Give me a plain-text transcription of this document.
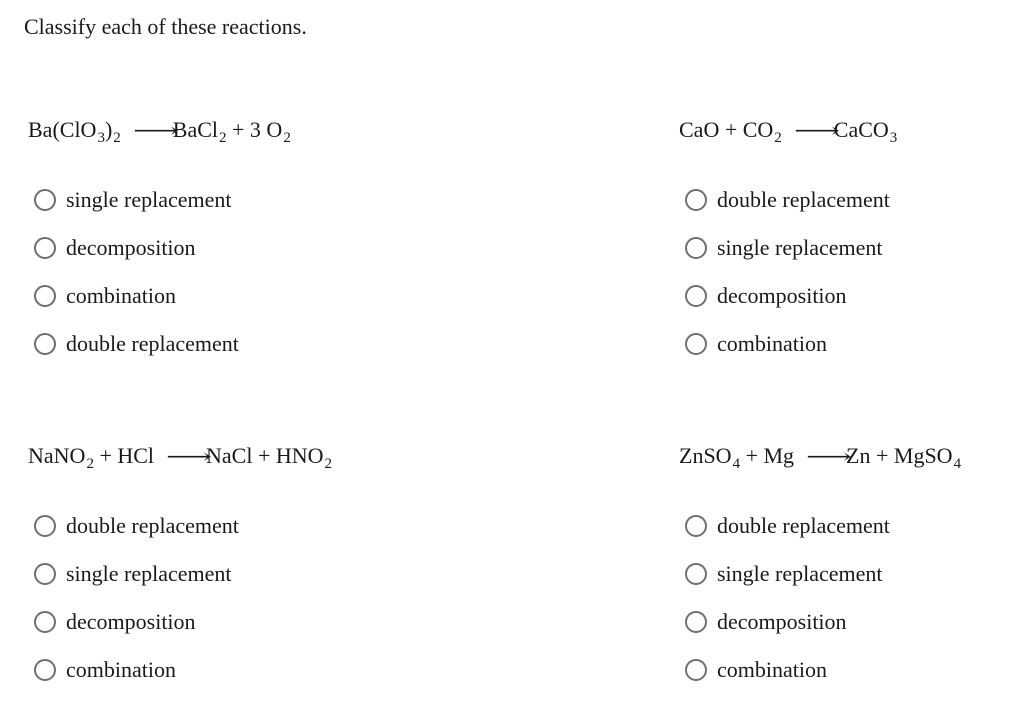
Classify each of these reactions.
$Ba(ClO_3)_2$ ⟶BaCl$_2$ + 3 $O_2$
single replacement
decomposition
combination
double replacement
CaO + $CO_2$ ⟶CaCO$_3$
double replacement
single replacement
decomposition
combination
NaNO$_2$ + HCl ⟶NaCl + $HNO_2$
double replacement
single replacement
decomposition
combination
ZnSO$_4$ + Mg ⟶Zn + MgSO$_4$
double replacement
single replacement
decomposition
combination
